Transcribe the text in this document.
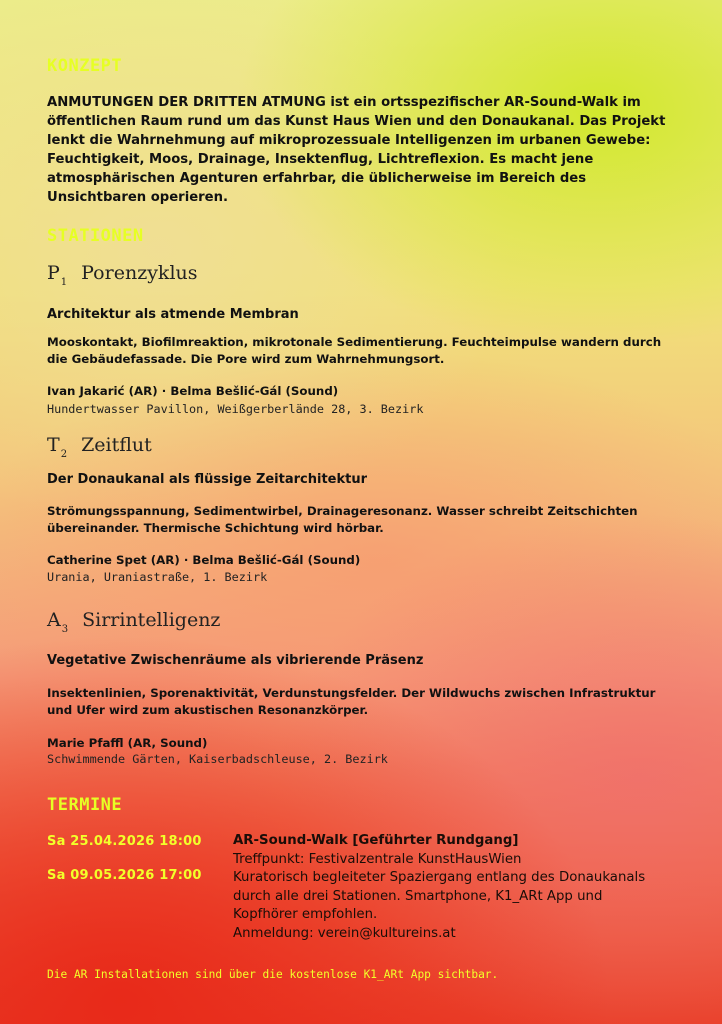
KONZEPT

ANMUTUNGEN DER DRITTEN ATMUNG ist ein ortsspezifischer AR-Sound-Walk im öffentlichen Raum rund um das Kunst Haus Wien und den Donaukanal. Das Projekt lenkt die Wahrnehmung auf mikroprozessuale Intelligenzen im urbanen Gewebe: Feuchtigkeit, Moos, Drainage, Insektenflug, Lichtreflexion. Es macht jene atmosphärischen Agenturen erfahrbar, die üblicherweise im Bereich des Unsichtbaren operieren.

STATIONEN
$P_1$ Porenzyklus
Architektur als atmende Membran

Mooskontakt, Biofilmreaktion, mikrotonale Sedimentierung. Feuchteimpulse wandern durch die Gebäudefassade. Die Pore wird zum Wahrnehmungsort.

Ivan Jakarić (AR) · Belma Bešlić-Gál (Sound)
Hundertwasser Pavillon, Weißgerberlände 28, 3. Bezirk
$T_2$ Zeitflut
Der Donaukanal als flüssige Zeitarchitektur

Strömungsspannung, Sedimentwirbel, Drainageresonanz. Wasser schreibt Zeitschichten übereinander. Thermische Schichtung wird hörbar.

Catherine Spet (AR) · Belma Bešlić-Gál (Sound)
Urania, Uraniastraße, 1. Bezirk
$A_3$ Sirrintelligenz
Vegetative Zwischenräume als vibrierende Präsenz

Insektenlinien, Sporenaktivität, Verdunstungsfelder. Der Wildwuchs zwischen Infrastruktur und Ufer wird zum akustischen Resonanzkörper.

Marie Pfaffl (AR, Sound)
Schwimmende Gärten, Kaiserbadschleuse, 2. Bezirk
TERMINE
Sa 25.04.2026 18:00
Sa 09.05.2026 17:00
AR-Sound-Walk [Geführter Rundgang]
Treffpunkt: Festivalzentrale KunstHausWien
Kuratorisch begleiteter Spaziergang entlang des Donaukanals
durch alle drei Stationen. Smartphone, K1_ARt App und
Kopfhörer empfohlen.
Anmeldung: verein@kultureins.at
Die AR Installationen sind über die kostenlose K1_ARt App sichtbar.
